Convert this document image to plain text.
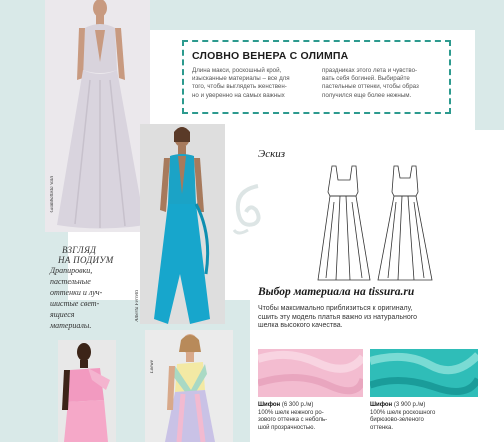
Giambattista Valli
Alberta Ferretti
Loewe
ВЗГЛЯД
НА ПОДИУМ
Драпировки,
пастельные
оттенки и луч-
шистые свет-
ящиеся
материалы.
СЛОВНО ВЕНЕРА С ОЛИМПА
Длина макси, роскошный крой,
изысканные материалы – все для
того, чтобы выглядеть женствен-
но и уверенно на самых важных
праздниках этого лета и чувство-
вать себя богиней. Выбирайте
пастельные оттенки, чтобы образ
получился еще более нежным.
Эскиз
Выбор материала на tissura.ru
Чтобы максимально приблизиться к оригиналу,
сшить эту модель платья важно из натурального
шелка высокого качества.
Шифон (6 300 р./м)
100% шелк нежного ро-
зового оттенка с неболь-
шой прозрачностью.
Шифон (3 900 р./м)
100% шелк роскошного
бирюзово-зеленого
оттенка.
